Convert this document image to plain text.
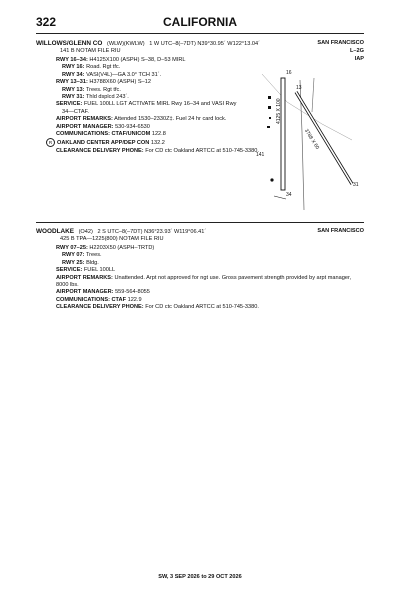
322	CALIFORNIA
WILLOWS/GLENN CO (WLW)(KWLW) 1 W UTC–8(–7DT) N39°30.95´ W122°13.04´	SAN FRANCISCO
141 B NOTAM FILE RIU	L–2G
IAP
RWY 16–34: H4125X100 (ASPH) S–38, D–53 MIRL
RWY 16: Road. Rgt tfc.
RWY 34: VASI(V4L)—GA 3.0° TCH 31´.
RWY 13–31: H3788X60 (ASPH) S–12
RWY 13: Trees. Rgt tfc.
RWY 31: Thld dsplcd 243´.
SERVICE: FUEL 100LL LGT ACTIVATE MIRL Rwy 16–34 and VASI Rwy
34—CTAF.
AIRPORT REMARKS: Attended 1530–2330Z‡. Fuel 24 hr card lock.
AIRPORT MANAGER: 530-934-6530
COMMUNICATIONS: CTAF/UNICOM 122.8
R OAKLAND CENTER APP/DEP CON 132.2
CLEARANCE DELIVERY PHONE: For CD ctc Oakland ARTCC at 510-745-3380.
4125 X 100
3788 X 60
16
13
31
34
141
WOODLAKE (O42) 2 S UTC–8(–7DT) N36°23.93´ W119°06.41´	SAN FRANCISCO
425 B TPA—1225(800) NOTAM FILE RIU
RWY 07–25: H2203X50 (ASPH–TRTD)
RWY 07: Trees.
RWY 25: Bldg.
SERVICE: FUEL 100LL
AIRPORT REMARKS: Unattended. Arpt not approved for ngt use. Gross pavement strength provided by arpt manager, 8000 lbs.
AIRPORT MANAGER: 559-564-8055
COMMUNICATIONS: CTAF 122.9
CLEARANCE DELIVERY PHONE: For CD ctc Oakland ARTCC at 510-745-3380.
SW, 3 SEP 2026 to 29 OCT 2026
